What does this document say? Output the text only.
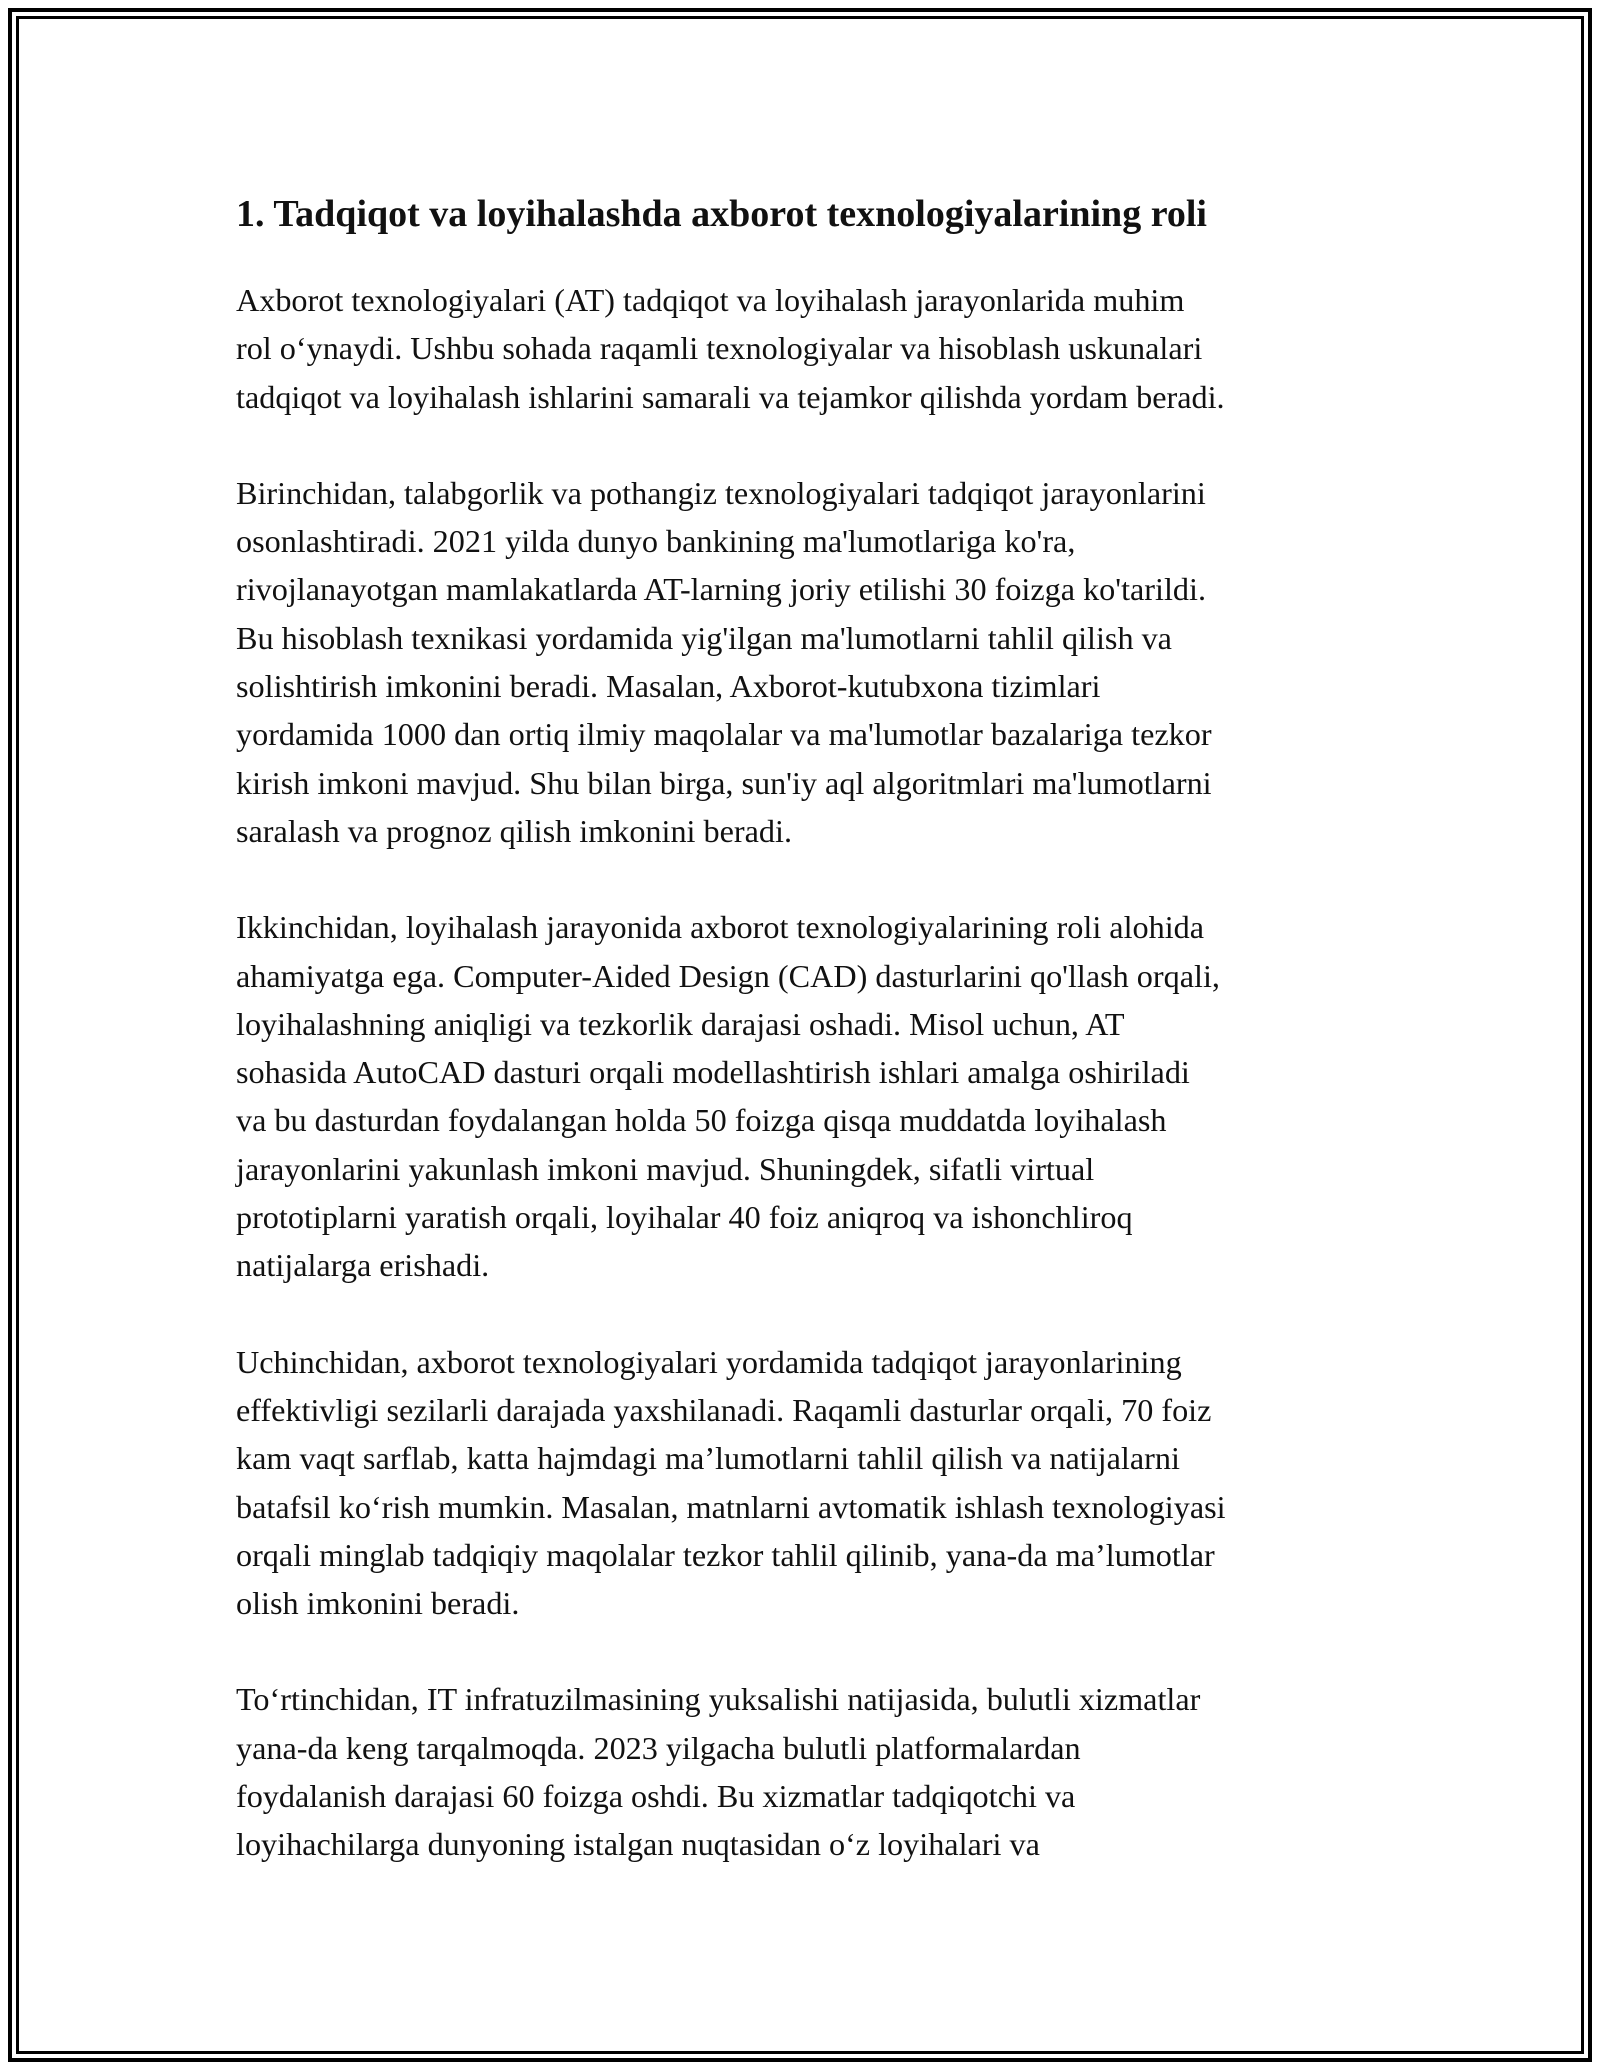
1. Tadqiqot va loyihalashda axborot texnologiyalarining roli

Axborot texnologiyalari (AT) tadqiqot va loyihalash jarayonlarida muhim
rol o‘ynaydi. Ushbu sohada raqamli texnologiyalar va hisoblash uskunalari
tadqiqot va loyihalash ishlarini samarali va tejamkor qilishda yordam beradi.

Birinchidan, talabgorlik va pothangiz texnologiyalari tadqiqot jarayonlarini
osonlashtiradi. 2021 yilda dunyo bankining ma'lumotlariga ko'ra,
rivojlanayotgan mamlakatlarda AT-larning joriy etilishi 30 foizga ko'tarildi.
Bu hisoblash texnikasi yordamida yig'ilgan ma'lumotlarni tahlil qilish va
solishtirish imkonini beradi. Masalan, Axborot-kutubxona tizimlari
yordamida 1000 dan ortiq ilmiy maqolalar va ma'lumotlar bazalariga tezkor
kirish imkoni mavjud. Shu bilan birga, sun'iy aql algoritmlari ma'lumotlarni
saralash va prognoz qilish imkonini beradi.

Ikkinchidan, loyihalash jarayonida axborot texnologiyalarining roli alohida
ahamiyatga ega. Computer-Aided Design (CAD) dasturlarini qo'llash orqali,
loyihalashning aniqligi va tezkorlik darajasi oshadi. Misol uchun, AT
sohasida AutoCAD dasturi orqali modellashtirish ishlari amalga oshiriladi
va bu dasturdan foydalangan holda 50 foizga qisqa muddatda loyihalash
jarayonlarini yakunlash imkoni mavjud. Shuningdek, sifatli virtual
prototiplarni yaratish orqali, loyihalar 40 foiz aniqroq va ishonchliroq
natijalarga erishadi.

Uchinchidan, axborot texnologiyalari yordamida tadqiqot jarayonlarining
effektivligi sezilarli darajada yaxshilanadi. Raqamli dasturlar orqali, 70 foiz
kam vaqt sarflab, katta hajmdagi ma’lumotlarni tahlil qilish va natijalarni
batafsil ko‘rish mumkin. Masalan, matnlarni avtomatik ishlash texnologiyasi
orqali minglab tadqiqiy maqolalar tezkor tahlil qilinib, yana-da ma’lumotlar
olish imkonini beradi.

To‘rtinchidan, IT infratuzilmasining yuksalishi natijasida, bulutli xizmatlar
yana-da keng tarqalmoqda. 2023 yilgacha bulutli platformalardan
foydalanish darajasi 60 foizga oshdi. Bu xizmatlar tadqiqotchi va
loyihachilarga dunyoning istalgan nuqtasidan o‘z loyihalari va
